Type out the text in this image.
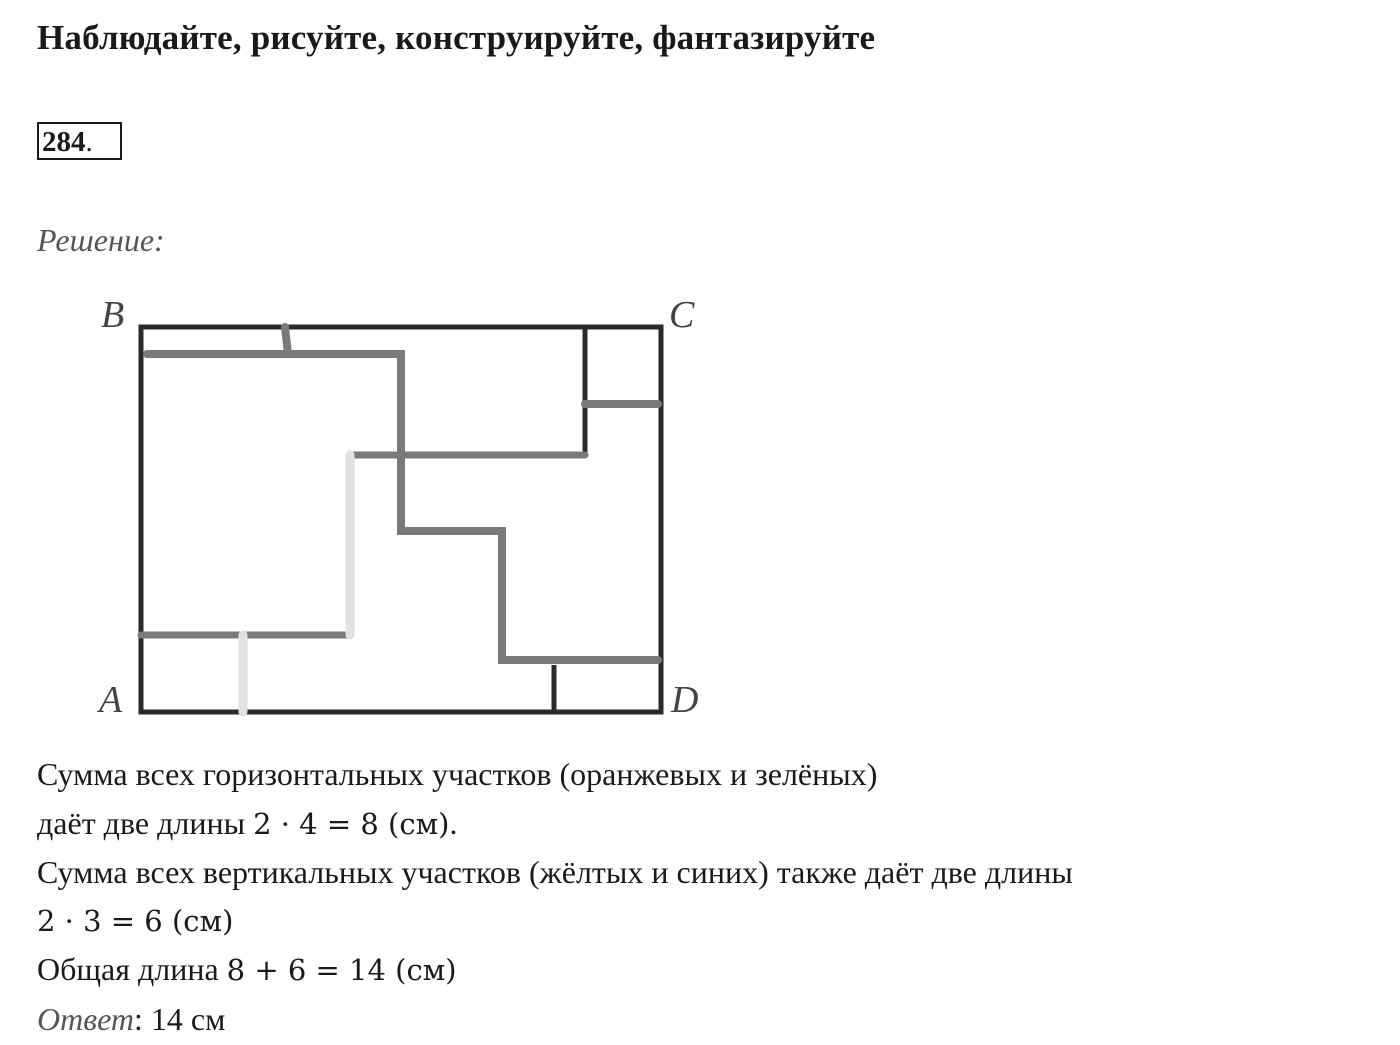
Наблюдайте, рисуйте, конструируйте, фантазируйте
284.
Решение:
B	C
A	D
Сумма всех горизонтальных участков (оранжевых и зелёных)
даёт две длины 2 · 4 = 8 (см).
Сумма всех вертикальных участков (жёлтых и синих) также даёт две длины
2 · 3 = 6 (см)
Общая длина 8 + 6 = 14 (см)
Ответ: 14 см
